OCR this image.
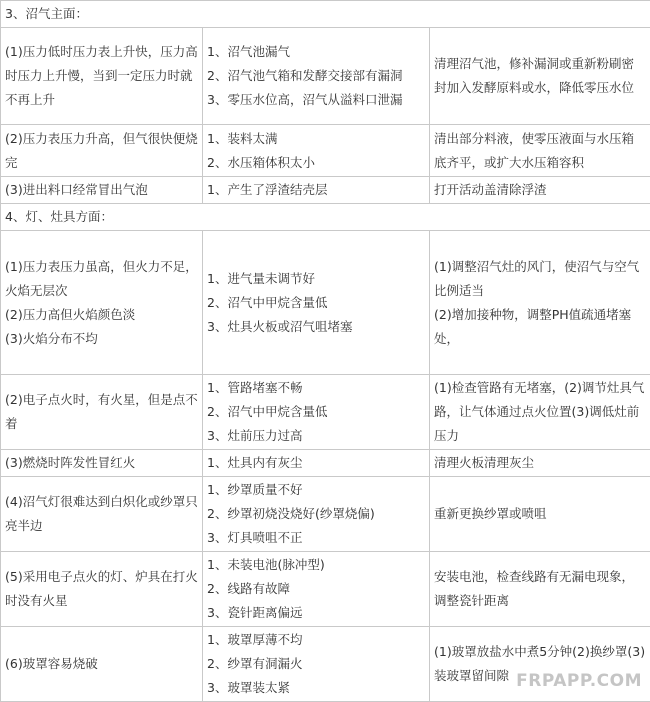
3、沼气主面：		
(1)压力低时压力表上升快，压力高时压力上升慢，当到一定压力时就不再上升	1、沼气池漏气
2、沼气池气箱和发酵交接部有漏洞
3、零压水位高，沼气从溢料口泄漏	清理沼气池，修补漏洞或重新粉刷密封加入发酵原料或水，降低零压水位
(2)压力表压力升高，但气很快便烧完	1、装料太满
2、水压箱体积太小	清出部分料液，使零压液面与水压箱底齐平，或扩大水压箱容积
(3)进出料口经常冒出气泡	1、产生了浮渣结壳层	打开活动盖清除浮渣
4、灯、灶具方面：		
(1)压力表压力虽高，但火力不足，火焰无层次
(2)压力高但火焰颜色淡
(3)火焰分布不均	1、进气量未调节好
2、沼气中甲烷含量低
3、灶具火板或沼气咀堵塞	(1)调整沼气灶的风门，使沼气与空气比例适当
(2)增加接种物，调整PH值疏通堵塞处，
(2)电子点火时，有火星，但是点不着	1、管路堵塞不畅
2、沼气中甲烷含量低
3、灶前压力过高	(1)检查管路有无堵塞，(2)调节灶具气路，让气体通过点火位置(3)调低灶前压力
(3)燃烧时阵发性冒红火	1、灶具内有灰尘	清理火板清理灰尘
(4)沼气灯很难达到白炽化或纱罩只亮半边	1、纱罩质量不好
2、纱罩初烧没烧好(纱罩烧偏)
3、灯具喷咀不正	重新更换纱罩或喷咀
(5)采用电子点火的灯、炉具在打火时没有火星	1、未装电池(脉冲型)
2、线路有故障
3、瓷针距离偏远	安装电池，检查线路有无漏电现象，调整瓷针距离
(6)玻罩容易烧破	1、玻罩厚薄不均
2、纱罩有洞漏火
3、玻罩装太紧	(1)玻罩放盐水中煮5分钟(2)换纱罩(3)装玻罩留间隙 FRPAPP.COM
